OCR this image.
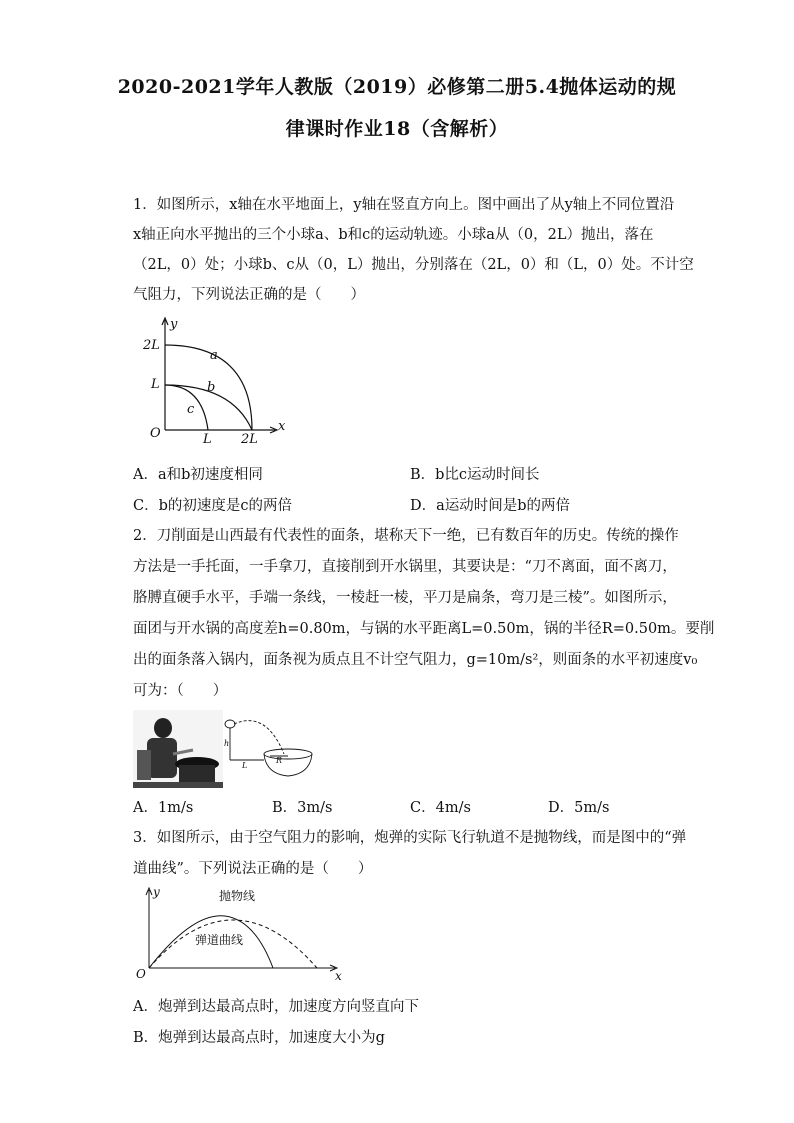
2020-2021学年人教版（2019）必修第二册5.4抛体运动的规
律课时作业18（含解析）
1．如图所示，x轴在水平地面上，y轴在竖直方向上。图中画出了从y轴上不同位置沿
x轴正向水平抛出的三个小球a、b和c的运动轨迹。小球a从（0，2L）抛出，落在
（2L，0）处；小球b、c从（0，L）抛出，分别落在（2L，0）和（L，0）处。不计空
气阻力，下列说法正确的是（　　）
y
x
2L
L
O	L 2L
a
b
c
A．a和b初速度相同	B．b比c运动时间长
C．b的初速度是c的两倍	D．a运动时间是b的两倍
2．刀削面是山西最有代表性的面条，堪称天下一绝，已有数百年的历史。传统的操作
方法是一手托面，一手拿刀，直接削到开水锅里，其要诀是：“刀不离面，面不离刀，
胳膊直硬手水平，手端一条线，一棱赶一棱，平刀是扁条，弯刀是三棱”。如图所示，
面团与开水锅的高度差h=0.80m，与锅的水平距离L=0.50m，锅的半径R=0.50m。要削
出的面条落入锅内，面条视为质点且不计空气阻力，g=10m/s²，则面条的水平初速度v₀
可为：（　　）
h
L
R
A．1m/s	B．3m/s	C．4m/s	D．5m/s
3．如图所示，由于空气阻力的影响，炮弹的实际飞行轨道不是抛物线，而是图中的“弹
道曲线”。下列说法正确的是（　　）
y
x
O
抛物线
弹道曲线
A．炮弹到达最高点时，加速度方向竖直向下
B．炮弹到达最高点时，加速度大小为g
